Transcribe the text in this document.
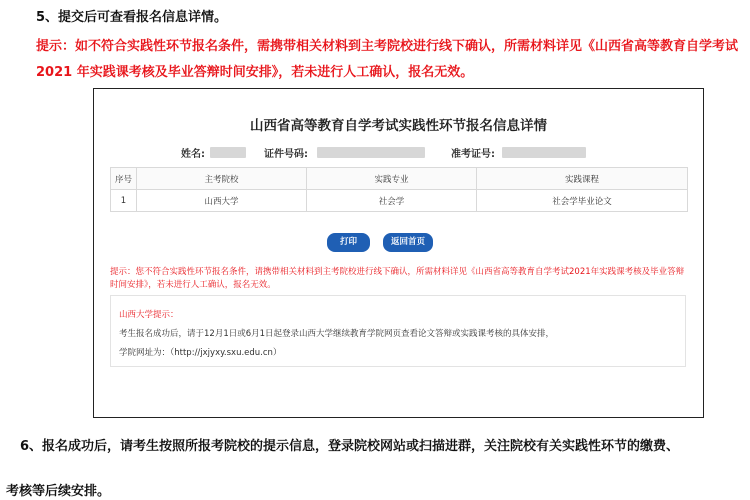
5、提交后可查看报名信息详情。
提示：如不符合实践性环节报名条件，需携带相关材料到主考院校进行线下确认，所需材料详见《山西省高等教育自学考试 2021 年实践课考核及毕业答辩时间安排》，若未进行人工确认，报名无效。
山西省高等教育自学考试实践性环节报名信息详情
姓名:	证件号码:	准考证号:
序号	主考院校	实践专业	实践课程
1	山西大学	社会学	社会学毕业论文
打印	返回首页
提示：您不符合实践性环节报名条件，请携带相关材料到主考院校进行线下确认，所需材料详见《山西省高等教育自学考试2021年实践课考核及毕业答辩时间安排》，若未进行人工确认，报名无效。
山西大学提示：
考生报名成功后，请于12月1日或6月1日起登录山西大学继续教育学院网页查看论文答辩或实践课考核的具体安排，
学院网址为：（http://jxjyxy.sxu.edu.cn）
6、报名成功后，请考生按照所报考院校的提示信息，登录院校网站或扫描进群，关注院校有关实践性环节的缴费、
考核等后续安排。
